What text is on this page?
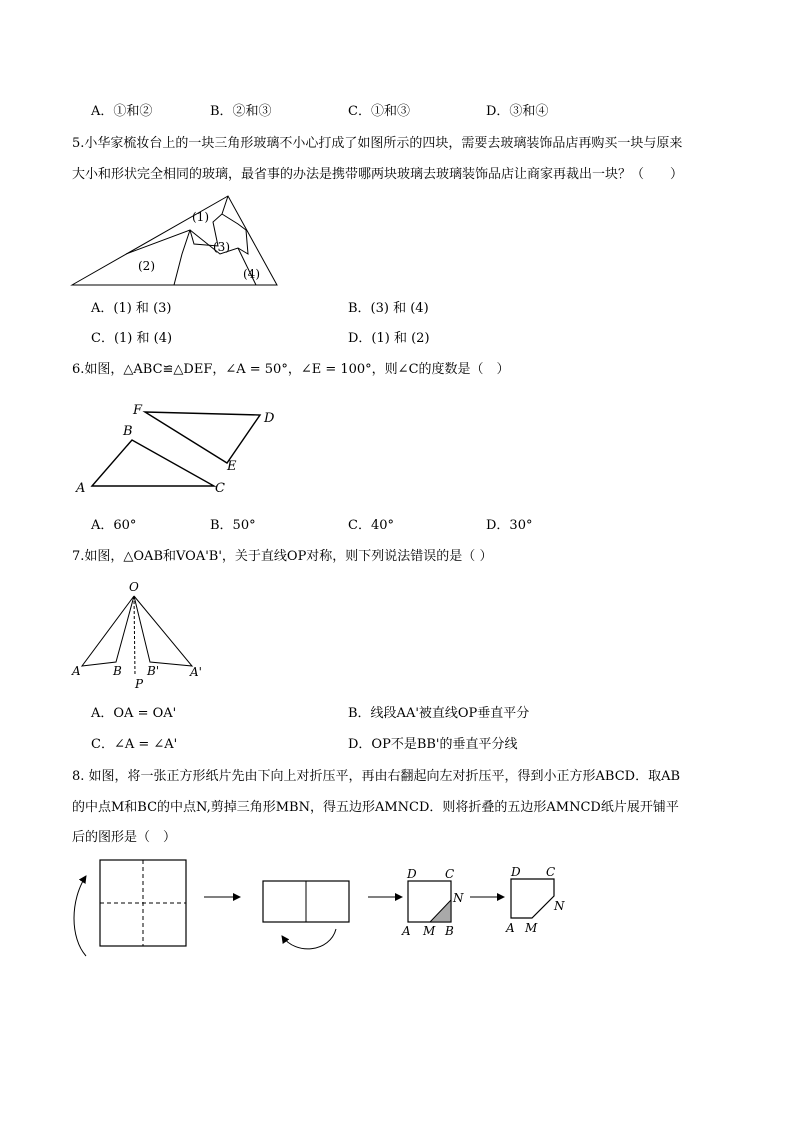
A．①和②	B．②和③	C．①和③	D．③和④
5.小华家梳妆台上的一块三角形玻璃不小心打成了如图所示的四块，需要去玻璃装饰品店再购买一块与原来
大小和形状完全相同的玻璃，最省事的办法是携带哪两块玻璃去玻璃装饰品店让商家再裁出一块？（　　）
(1)
(2)
(3)
(4)
A．(1) 和 (3)	B．(3) 和 (4)
C．(1) 和 (4)	D．(1) 和 (2)
6.如图，△ABC≌△DEF，∠A = 50°，∠E = 100°，则∠C的度数是（　）
F
D
B
E
A	C
A．60°	B．50°	C．40°	D．30°
7.如图，△OAB和VOA'B'，关于直线OP对称，则下列说法错误的是（ ）
O
A	B B'	A'
P
A．OA = OA'	B．线段AA'被直线OP垂直平分
C．∠A = ∠A'	D．OP不是BB'的垂直平分线
8. 如图，将一张正方形纸片先由下向上对折压平，再由右翻起向左对折压平，得到小正方形ABCD．取AB
的中点M和BC的中点N,剪掉三角形MBN，得五边形AMNCD．则将折叠的五边形AMNCD纸片展开铺平
后的图形是（　）
D C
N
A M B
D C
N
A M
